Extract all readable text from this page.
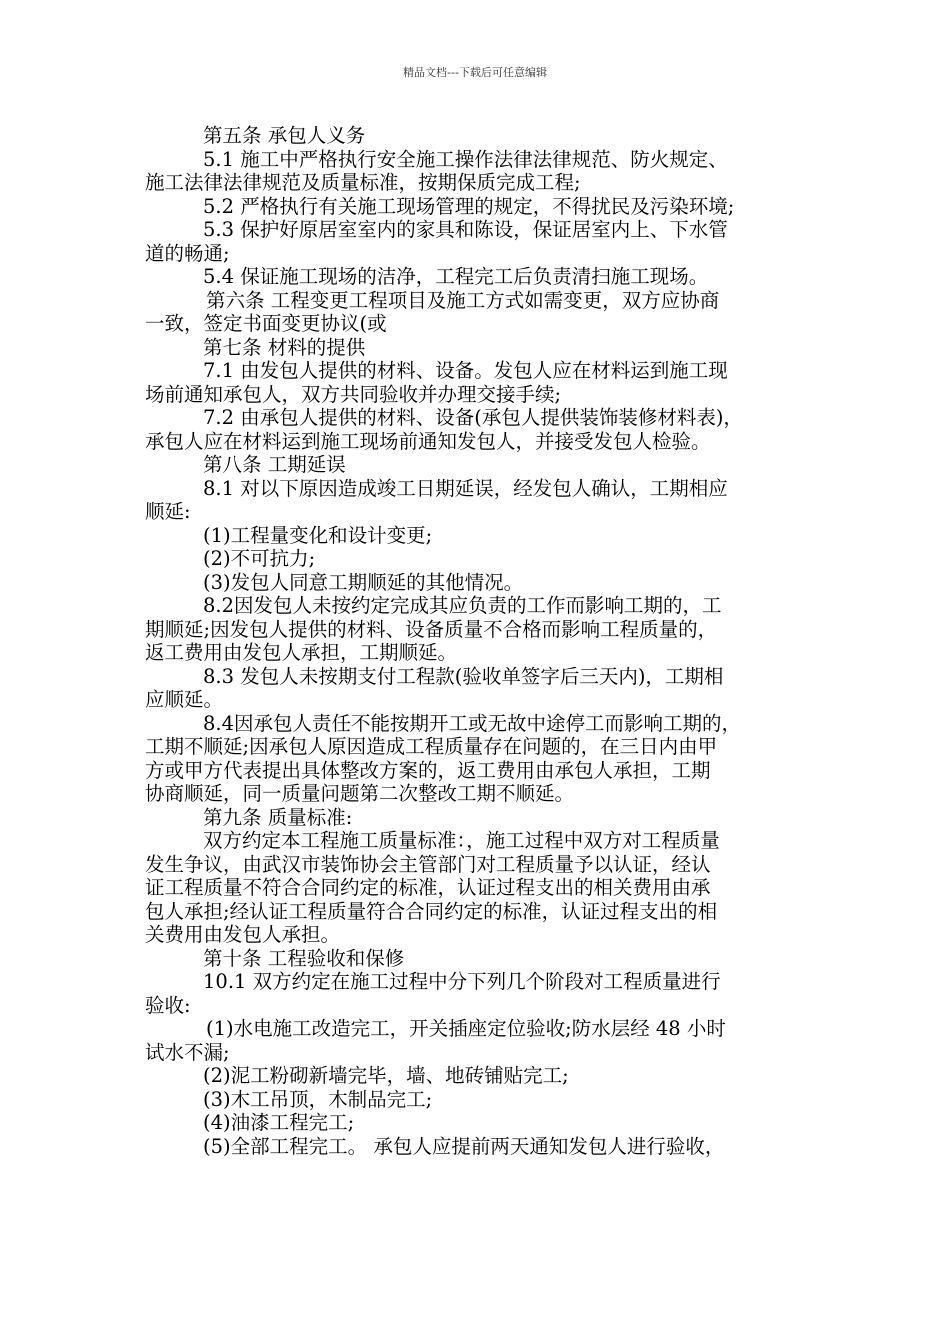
精品文档---下载后可任意编辑
第五条 承包人义务
5.1 施工中严格执行安全施工操作法律法律规范、防火规定、
施工法律法律规范及质量标准，按期保质完成工程;
5.2 严格执行有关施工现场管理的规定，不得扰民及污染环境;
5.3 保护好原居室室内的家具和陈设，保证居室内上、下水管
道的畅通;
5.4 保证施工现场的洁净，工程完工后负责清扫施工现场。
第六条 工程变更工程项目及施工方式如需变更，双方应协商
一致，签定书面变更协议(或
第七条 材料的提供
7.1 由发包人提供的材料、设备。发包人应在材料运到施工现
场前通知承包人，双方共同验收并办理交接手续;
7.2 由承包人提供的材料、设备(承包人提供装饰装修材料表)，
承包人应在材料运到施工现场前通知发包人，并接受发包人检验。
第八条 工期延误
8.1 对以下原因造成竣工日期延误，经发包人确认，工期相应
顺延:
(1)工程量变化和设计变更;
(2)不可抗力;
(3)发包人同意工期顺延的其他情况。
8.2因发包人未按约定完成其应负责的工作而影响工期的，工
期顺延;因发包人提供的材料、设备质量不合格而影响工程质量的，
返工费用由发包人承担，工期顺延。
8.3 发包人未按期支付工程款(验收单签字后三天内)，工期相
应顺延。
8.4因承包人责任不能按期开工或无故中途停工而影响工期的，
工期不顺延;因承包人原因造成工程质量存在问题的，在三日内由甲
方或甲方代表提出具体整改方案的，返工费用由承包人承担，工期
协商顺延，同一质量问题第二次整改工期不顺延。
第九条 质量标准:
双方约定本工程施工质量标准：，施工过程中双方对工程质量
发生争议，由武汉市装饰协会主管部门对工程质量予以认证，经认
证工程质量不符合合同约定的标准，认证过程支出的相关费用由承
包人承担;经认证工程质量符合合同约定的标准，认证过程支出的相
关费用由发包人承担。
第十条 工程验收和保修
10.1 双方约定在施工过程中分下列几个阶段对工程质量进行
验收:
(1)水电施工改造完工，开关插座定位验收;防水层经 48 小时
试水不漏;
(2)泥工粉砌新墙完毕，墙、地砖铺贴完工;
(3)木工吊顶，木制品完工;
(4)油漆工程完工;
(5)全部工程完工。 承包人应提前两天通知发包人进行验收，
